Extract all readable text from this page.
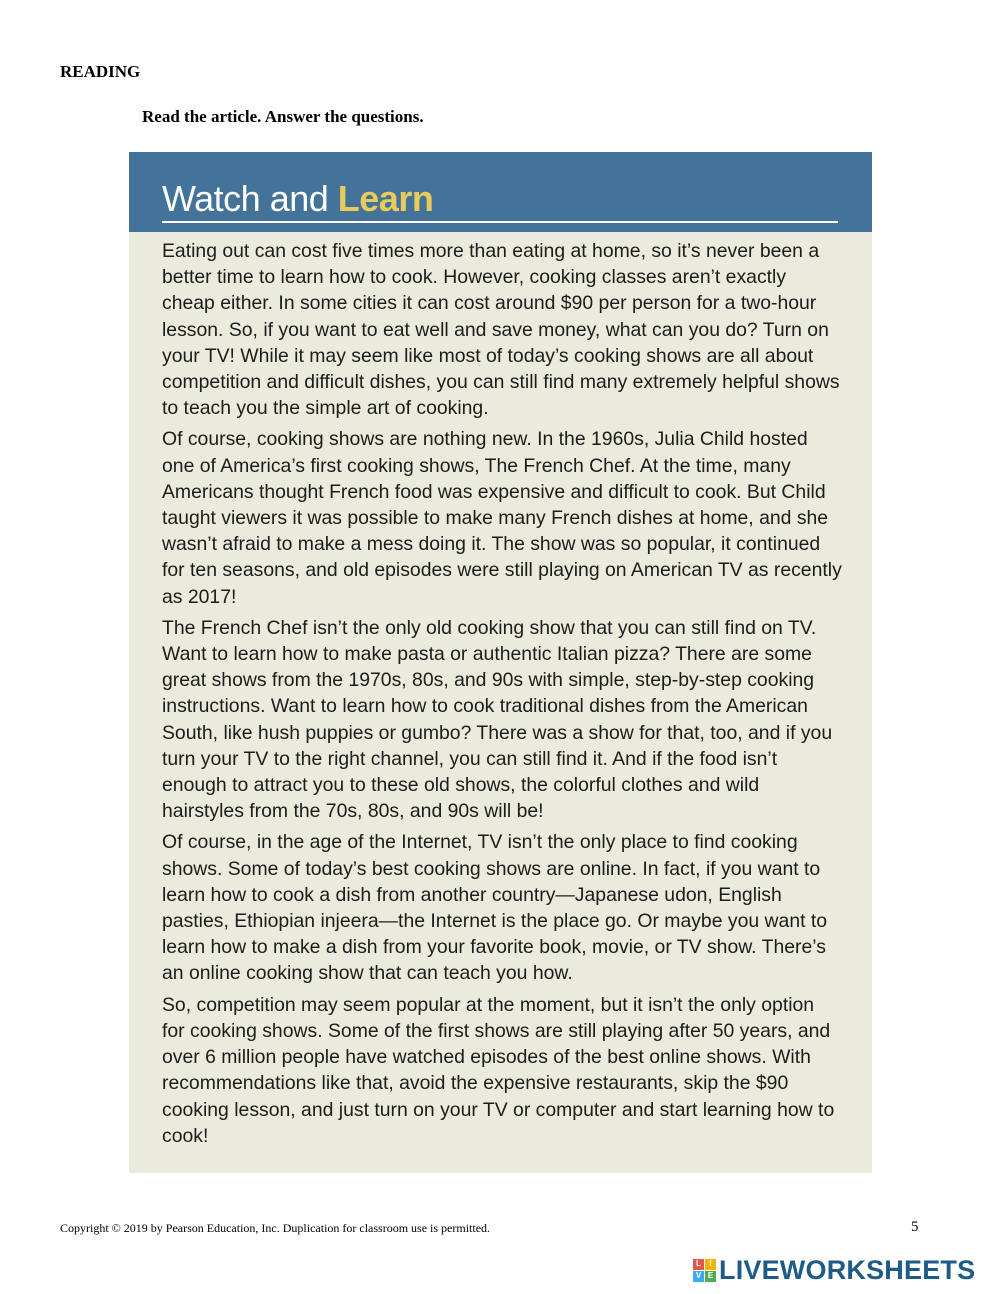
READING
Read the article. Answer the questions.
Watch and Learn

Eating out can cost five times more than eating at home, so it’s never been a better time to learn how to cook. However, cooking classes aren’t exactly cheap either. In some cities it can cost around $90 per person for a two-hour lesson. So, if you want to eat well and save money, what can you do? Turn on your TV! While it may seem like most of today’s cooking shows are all about competition and difficult dishes, you can still find many extremely helpful shows to teach you the simple art of cooking.

Of course, cooking shows are nothing new. In the 1960s, Julia Child hosted one of America’s first cooking shows, The French Chef. At the time, many Americans thought French food was expensive and difficult to cook. But Child taught viewers it was possible to make many French dishes at home, and she wasn’t afraid to make a mess doing it. The show was so popular, it continued for ten seasons, and old episodes were still playing on American TV as recently as 2017!

The French Chef isn’t the only old cooking show that you can still find on TV. Want to learn how to make pasta or authentic Italian pizza? There are some great shows from the 1970s, 80s, and 90s with simple, step-by-step cooking instructions. Want to learn how to cook traditional dishes from the American South, like hush puppies or gumbo? There was a show for that, too, and if you turn your TV to the right channel, you can still find it. And if the food isn’t enough to attract you to these old shows, the colorful clothes and wild hairstyles from the 70s, 80s, and 90s will be!

Of course, in the age of the Internet, TV isn’t the only place to find cooking shows. Some of today’s best cooking shows are online. In fact, if you want to learn how to cook a dish from another country—Japanese udon, English pasties, Ethiopian injeera—the Internet is the place go. Or maybe you want to learn how to make a dish from your favorite book, movie, or TV show. There’s an online cooking show that can teach you how.

So, competition may seem popular at the moment, but it isn’t the only option for cooking shows. Some of the first shows are still playing after 50 years, and over 6 million people have watched episodes of the best online shows. With recommendations like that, avoid the expensive restaurants, skip the $90 cooking lesson, and just turn on your TV or computer and start learning how to cook!

Copyright © 2019 by Pearson Education, Inc. Duplication for classroom use is permitted.	5
L	I
V E LIVEWORKSHEETS
